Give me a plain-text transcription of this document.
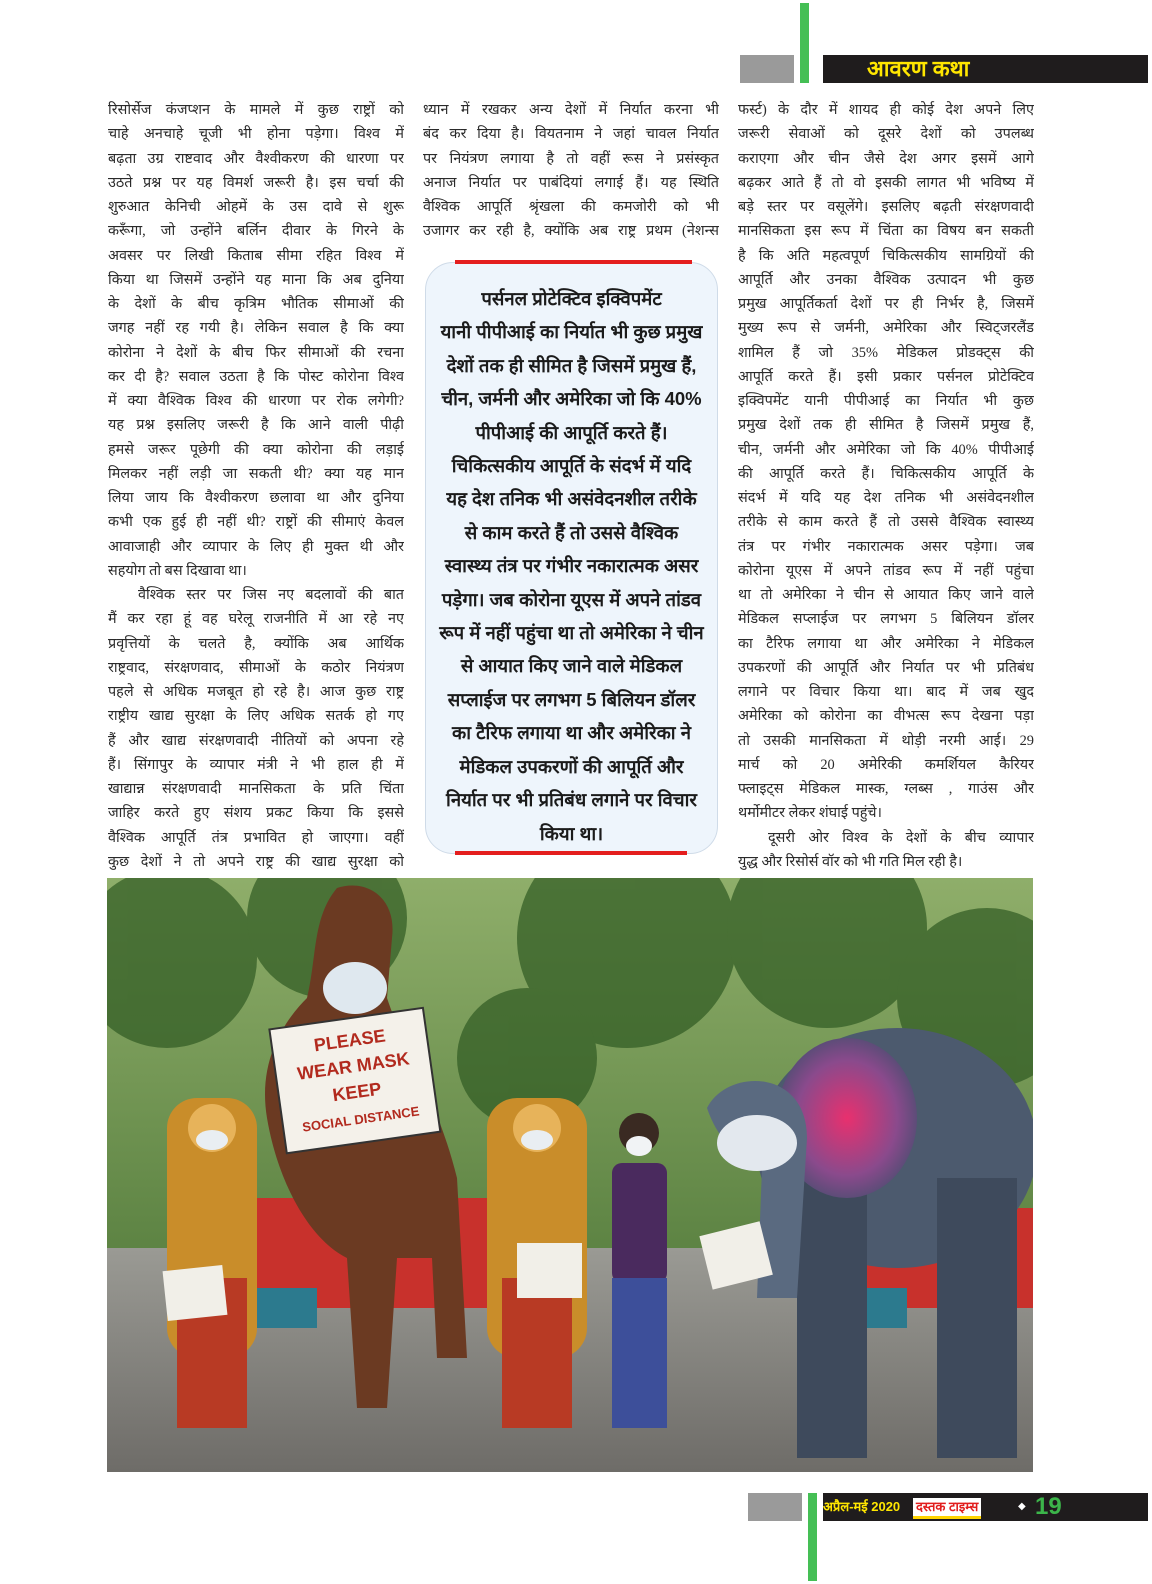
आवरण कथा
रिसोर्सेज कंजप्शन के मामले में कुछ राष्ट्रों को
चाहे अनचाहे चूजी भी होना पड़ेगा। विश्व में
बढ़ता उग्र राष्टवाद और वैश्वीकरण की धारणा पर
उठते प्रश्न पर यह विमर्श जरूरी है। इस चर्चा की
शुरुआत केनिची ओहमें के उस दावे से शुरू
करूँगा, जो उन्होंने बर्लिन दीवार के गिरने के
अवसर पर लिखी किताब सीमा रहित विश्व में
किया था जिसमें उन्होंने यह माना कि अब दुनिया
के देशों के बीच कृत्रिम भौतिक सीमाओं की
जगह नहीं रह गयी है। लेकिन सवाल है कि क्या
कोरोना ने देशों के बीच फिर सीमाओं की रचना
कर दी है? सवाल उठता है कि पोस्ट कोरोना विश्व
में क्या वैश्विक विश्व की धारणा पर रोक लगेगी?
यह प्रश्न इसलिए जरूरी है कि आने वाली पीढ़ी
हमसे जरूर पूछेगी की क्या कोरोना की लड़ाई
मिलकर नहीं लड़ी जा सकती थी? क्या यह मान
लिया जाय कि वैश्वीकरण छलावा था और दुनिया
कभी एक हुई ही नहीं थी? राष्ट्रों की सीमाएं केवल
आवाजाही और व्यापार के लिए ही मुक्त थी और
सहयोग तो बस दिखावा था।
वैश्विक स्तर पर जिस नए बदलावों की बात
मैं कर रहा हूं वह घरेलू राजनीति में आ रहे नए
प्रवृत्तियों के चलते है, क्योंकि अब आर्थिक
राष्ट्रवाद, संरक्षणवाद, सीमाओं के कठोर नियंत्रण
पहले से अधिक मजबूत हो रहे है। आज कुछ राष्ट्र
राष्ट्रीय खाद्य सुरक्षा के लिए अधिक सतर्क हो गए
हैं और खाद्य संरक्षणवादी नीतियों को अपना रहे
हैं। सिंगापुर के व्यापार मंत्री ने भी हाल ही में
खाद्यान्न संरक्षणवादी मानसिकता के प्रति चिंता
जाहिर करते हुए संशय प्रकट किया कि इससे
वैश्विक आपूर्ति तंत्र प्रभावित हो जाएगा। वहीं
कुछ देशों ने तो अपने राष्ट्र की खाद्य सुरक्षा को
ध्यान में रखकर अन्य देशों में निर्यात करना भी
बंद कर दिया है। वियतनाम ने जहां चावल निर्यात
पर नियंत्रण लगाया है तो वहीं रूस ने प्रसंस्कृत
अनाज निर्यात पर पाबंदियां लगाई हैं। यह स्थिति
वैश्विक आपूर्ति श्रृंखला की कमजोरी को भी
उजागर कर रही है, क्योंकि अब राष्ट्र प्रथम (नेशन्स
फर्स्ट) के दौर में शायद ही कोई देश अपने लिए
जरूरी सेवाओं को दूसरे देशों को उपलब्ध
कराएगा और चीन जैसे देश अगर इसमें आगे
बढ़कर आते हैं तो वो इसकी लागत भी भविष्य में
बड़े स्तर पर वसूलेंगे। इसलिए बढ़ती संरक्षणवादी
मानसिकता इस रूप में चिंता का विषय बन सकती
है कि अति महत्वपूर्ण चिकित्सकीय सामग्रियों की
आपूर्ति और उनका वैश्विक उत्पादन भी कुछ
प्रमुख आपूर्तिकर्ता देशों पर ही निर्भर है, जिसमें
मुख्य रूप से जर्मनी, अमेरिका और स्विट्जरलैंड
शामिल हैं जो 35% मेडिकल प्रोडक्ट्स की
आपूर्ति करते हैं। इसी प्रकार पर्सनल प्रोटेक्टिव
इक्विपमेंट यानी पीपीआई का निर्यात भी कुछ
प्रमुख देशों तक ही सीमित है जिसमें प्रमुख हैं,
चीन, जर्मनी और अमेरिका जो कि 40% पीपीआई
की आपूर्ति करते हैं। चिकित्सकीय आपूर्ति के
संदर्भ में यदि यह देश तनिक भी असंवेदनशील
तरीके से काम करते हैं तो उससे वैश्विक स्वास्थ्य
तंत्र पर गंभीर नकारात्मक असर पड़ेगा। जब
कोरोना यूएस में अपने तांडव रूप में नहीं पहुंचा
था तो अमेरिका ने चीन से आयात किए जाने वाले
मेडिकल सप्लाईज पर लगभग 5 बिलियन डॉलर
का टैरिफ लगाया था और अमेरिका ने मेडिकल
उपकरणों की आपूर्ति और निर्यात पर भी प्रतिबंध
लगाने पर विचार किया था। बाद में जब खुद
अमेरिका को कोरोना का वीभत्स रूप देखना पड़ा
तो उसकी मानसिकता में थोड़ी नरमी आई। 29
मार्च को 20 अमेरिकी कमर्शियल कैरियर
फ्लाइट्स मेडिकल मास्क, ग्लब्स , गाउंस और
थर्मोमीटर लेकर शंघाई पहुंचे।
दूसरी ओर विश्व के देशों के बीच व्यापार
युद्ध और रिसोर्स वॉर को भी गति मिल रही है।
पर्सनल प्रोटेक्टिव इक्विपमेंट
यानी पीपीआई का निर्यात भी कुछ प्रमुख
देशों तक ही सीमित है जिसमें प्रमुख हैं,
चीन, जर्मनी और अमेरिका जो कि 40%
पीपीआई की आपूर्ति करते हैं।
चिकित्सकीय आपूर्ति के संदर्भ में यदि
यह देश तनिक भी असंवेदनशील तरीके
से काम करते हैं तो उससे वैश्विक
स्वास्थ्य तंत्र पर गंभीर नकारात्मक असर
पड़ेगा। जब कोरोना यूएस में अपने तांडव
रूप में नहीं पहुंचा था तो अमेरिका ने चीन
से आयात किए जाने वाले मेडिकल
सप्लाईज पर लगभग 5 बिलियन डॉलर
का टैरिफ लगाया था और अमेरिका ने
मेडिकल उपकरणों की आपूर्ति और
निर्यात पर भी प्रतिबंध लगाने पर विचार
किया था।
PLEASE
WEAR MASK
KEEP
SOCIAL DISTANCE
अप्रैल-मई 2020 दस्तक टाइम्स	◆ 19
